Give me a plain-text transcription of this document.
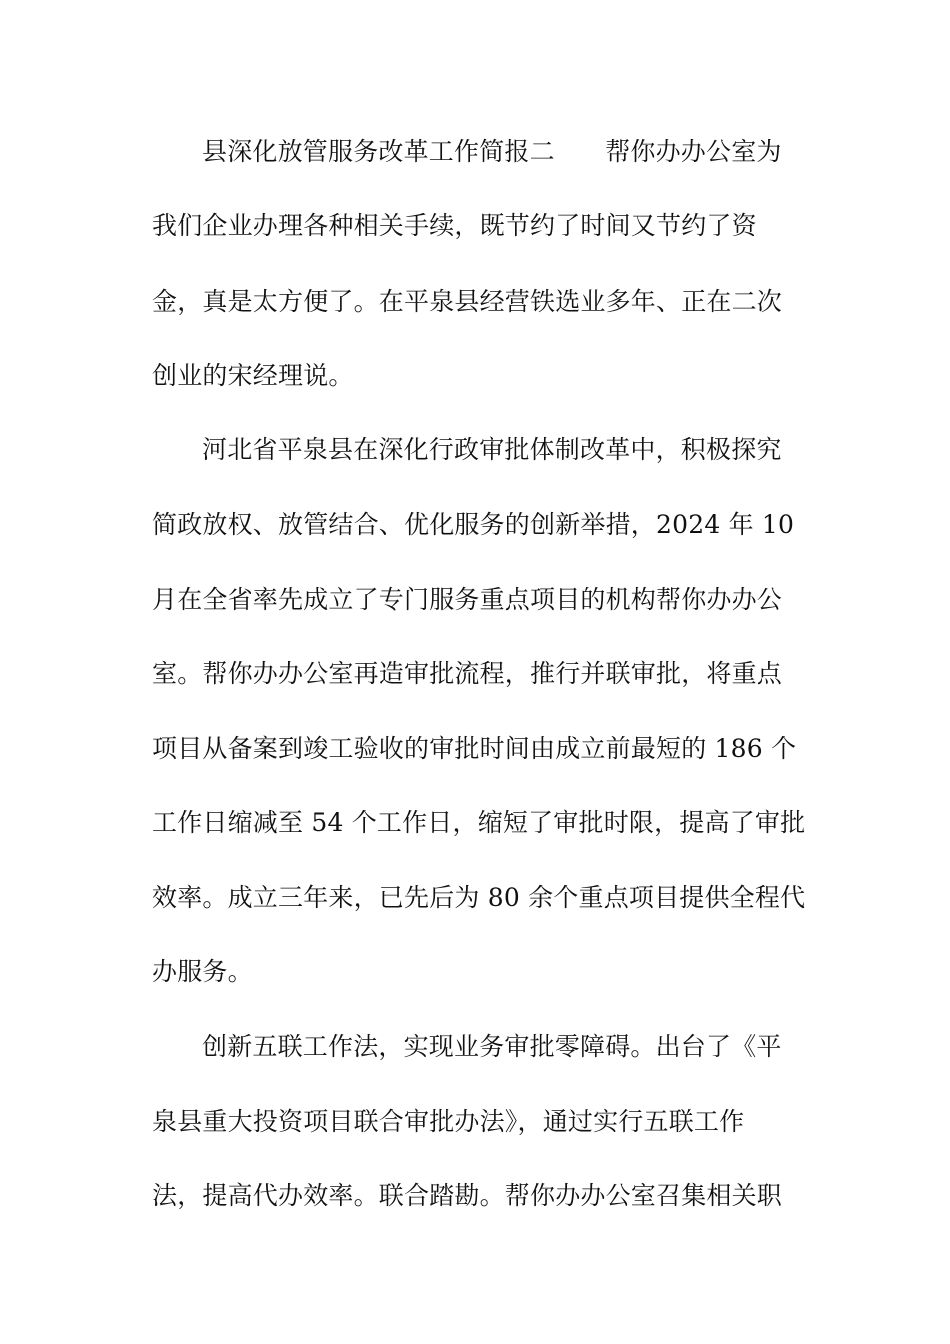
县深化放管服务改革工作简报二　　帮你办办公室为
我们企业办理各种相关手续，既节约了时间又节约了资
金，真是太方便了。在平泉县经营铁选业多年、正在二次
创业的宋经理说。
河北省平泉县在深化行政审批体制改革中，积极探究
简政放权、放管结合、优化服务的创新举措，2024 年 10
月在全省率先成立了专门服务重点项目的机构帮你办办公
室。帮你办办公室再造审批流程，推行并联审批，将重点
项目从备案到竣工验收的审批时间由成立前最短的 186 个
工作日缩减至 54 个工作日，缩短了审批时限，提高了审批
效率。成立三年来，已先后为 80 余个重点项目提供全程代
办服务。
创新五联工作法，实现业务审批零障碍。出台了《平
泉县重大投资项目联合审批办法》，通过实行五联工作
法，提高代办效率。联合踏勘。帮你办办公室召集相关职
